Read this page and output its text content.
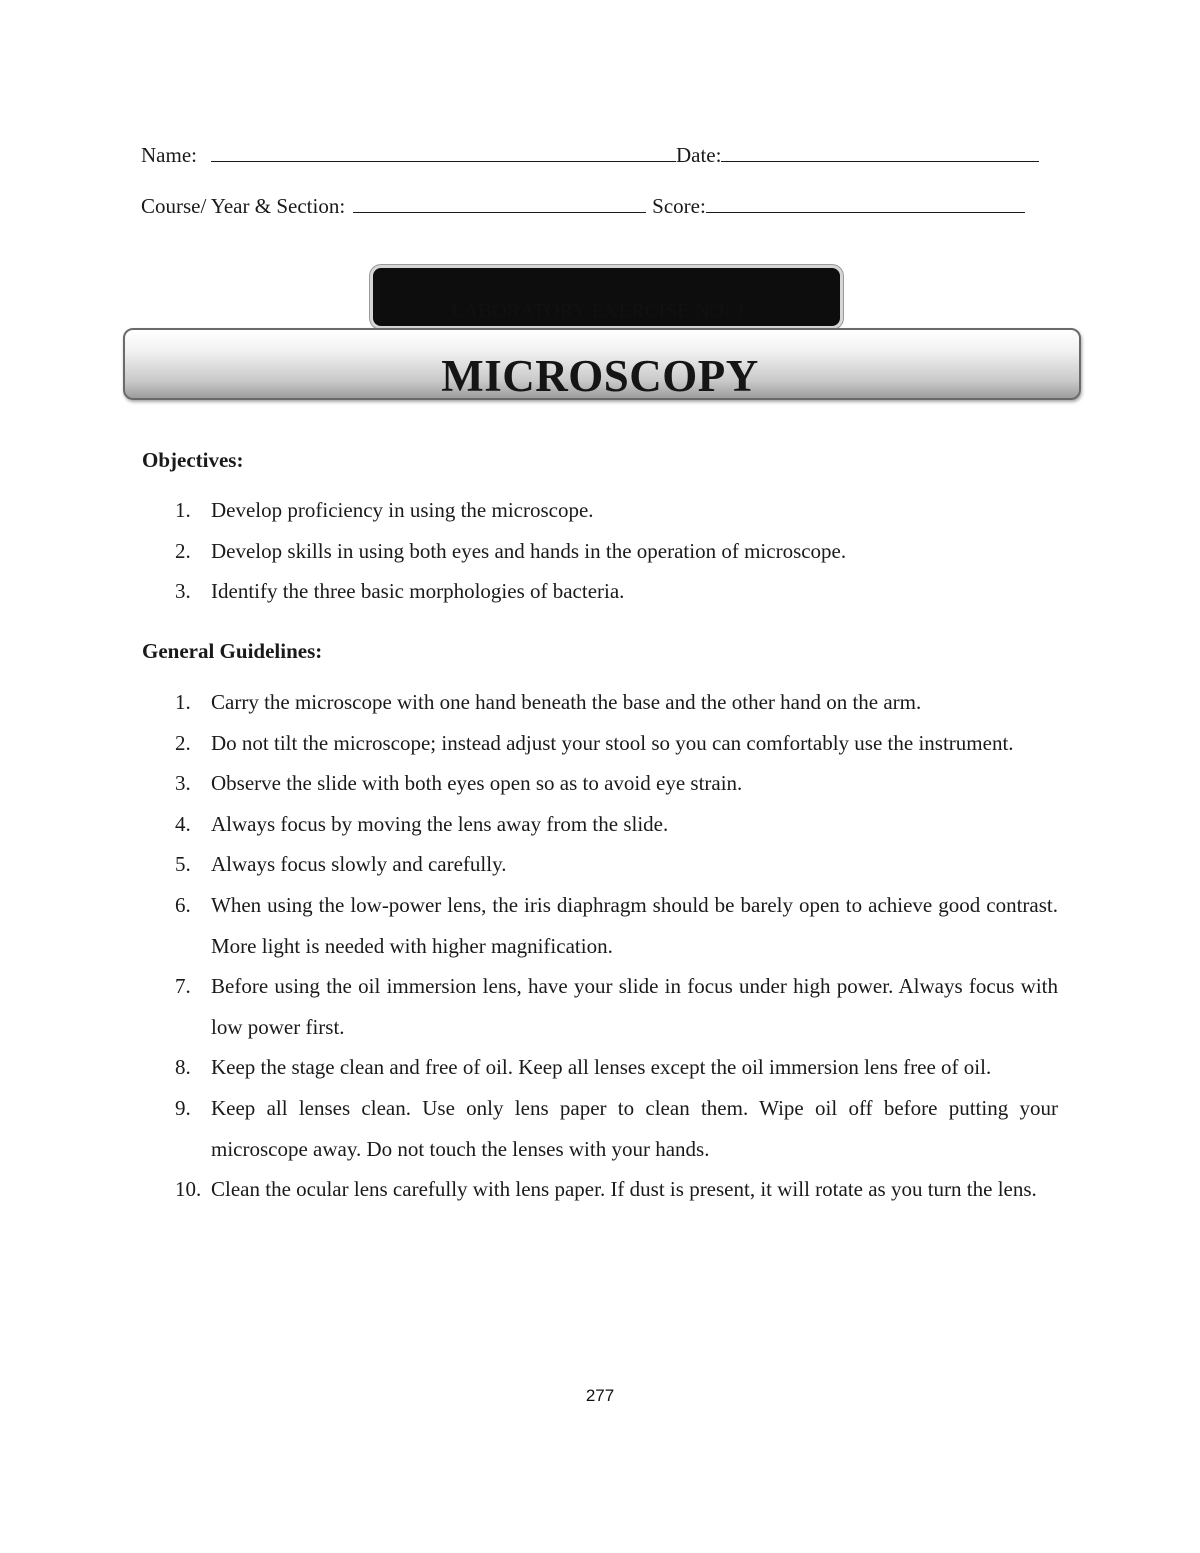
Name:	Date:
Course/ Year & Section:	Score:
LABORATORY EXERCISE NO: 1
MICROSCOPY
Objectives:
1. Develop proficiency in using the microscope.
2. Develop skills in using both eyes and hands in the operation of microscope.
3. Identify the three basic morphologies of bacteria.
General Guidelines:
1. Carry the microscope with one hand beneath the base and the other hand on the arm.
2. Do not tilt the microscope; instead adjust your stool so you can comfortably use the instrument.
3. Observe the slide with both eyes open so as to avoid eye strain.
4. Always focus by moving the lens away from the slide.
5. Always focus slowly and carefully.
6. When using the low-power lens, the iris diaphragm should be barely open to achieve good contrast. More light is needed with higher magnification.
7. Before using the oil immersion lens, have your slide in focus under high power. Always focus with low power first.
8. Keep the stage clean and free of oil. Keep all lenses except the oil immersion lens free of oil.
9. Keep all lenses clean. Use only lens paper to clean them. Wipe oil off before putting your microscope away. Do not touch the lenses with your hands.
10. Clean the ocular lens carefully with lens paper. If dust is present, it will rotate as you turn the lens.
277
